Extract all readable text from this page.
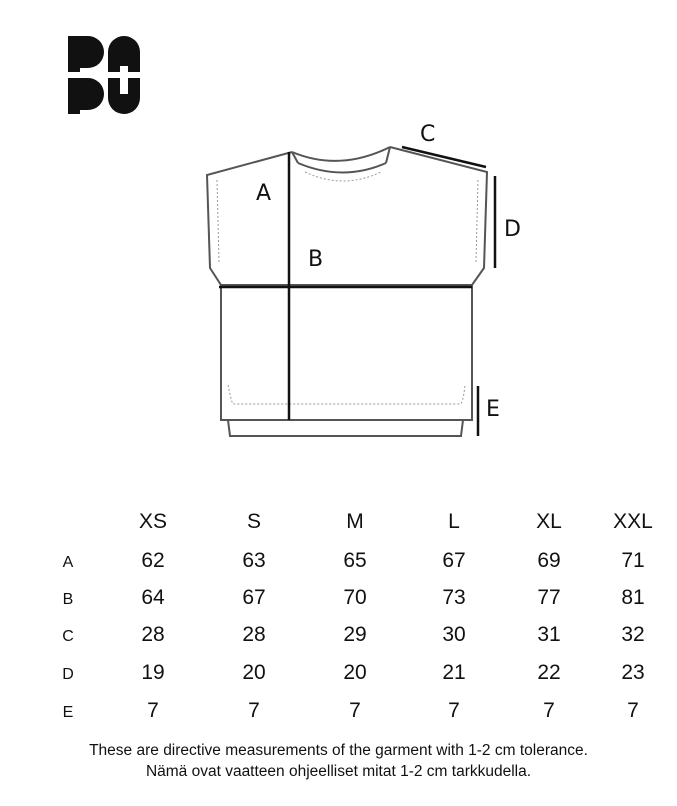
A
B
C
D
E
XS	S	M	L	XL XXL
A	62	63	65	67	69	71
B	64	67	70	73	77	81
C	28	28	29	30	31	32
D	19	20	20	21	22	23
E	7	7	7	7	7	7
These are directive measurements of the garment with 1-2 cm tolerance.
Nämä ovat vaatteen ohjeelliset mitat 1-2 cm tarkkudella.
